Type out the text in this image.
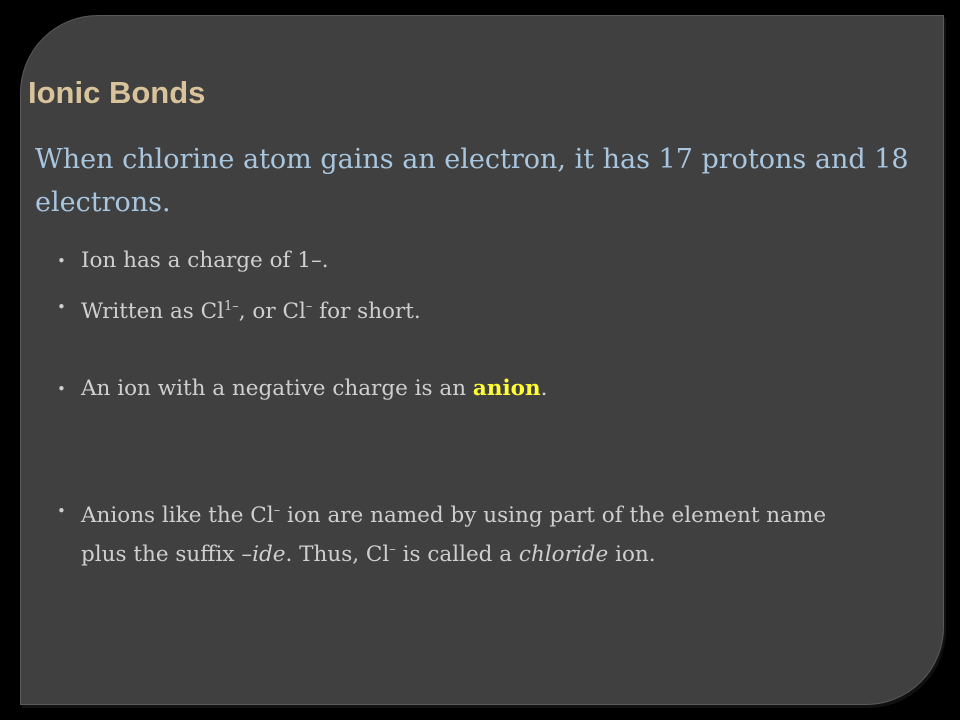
Ionic Bonds

When chlorine atom gains an electron, it has 17 protons and 18 electrons.

• Ion has a charge of 1–.
• Written as $Cl^{1-}$, or Cl– for short.
• An ion with a negative charge is an anion.
• Anions like the Cl– ion are named by using part of the element name plus the suffix –ide. Thus, Cl– is called a chloride ion.
